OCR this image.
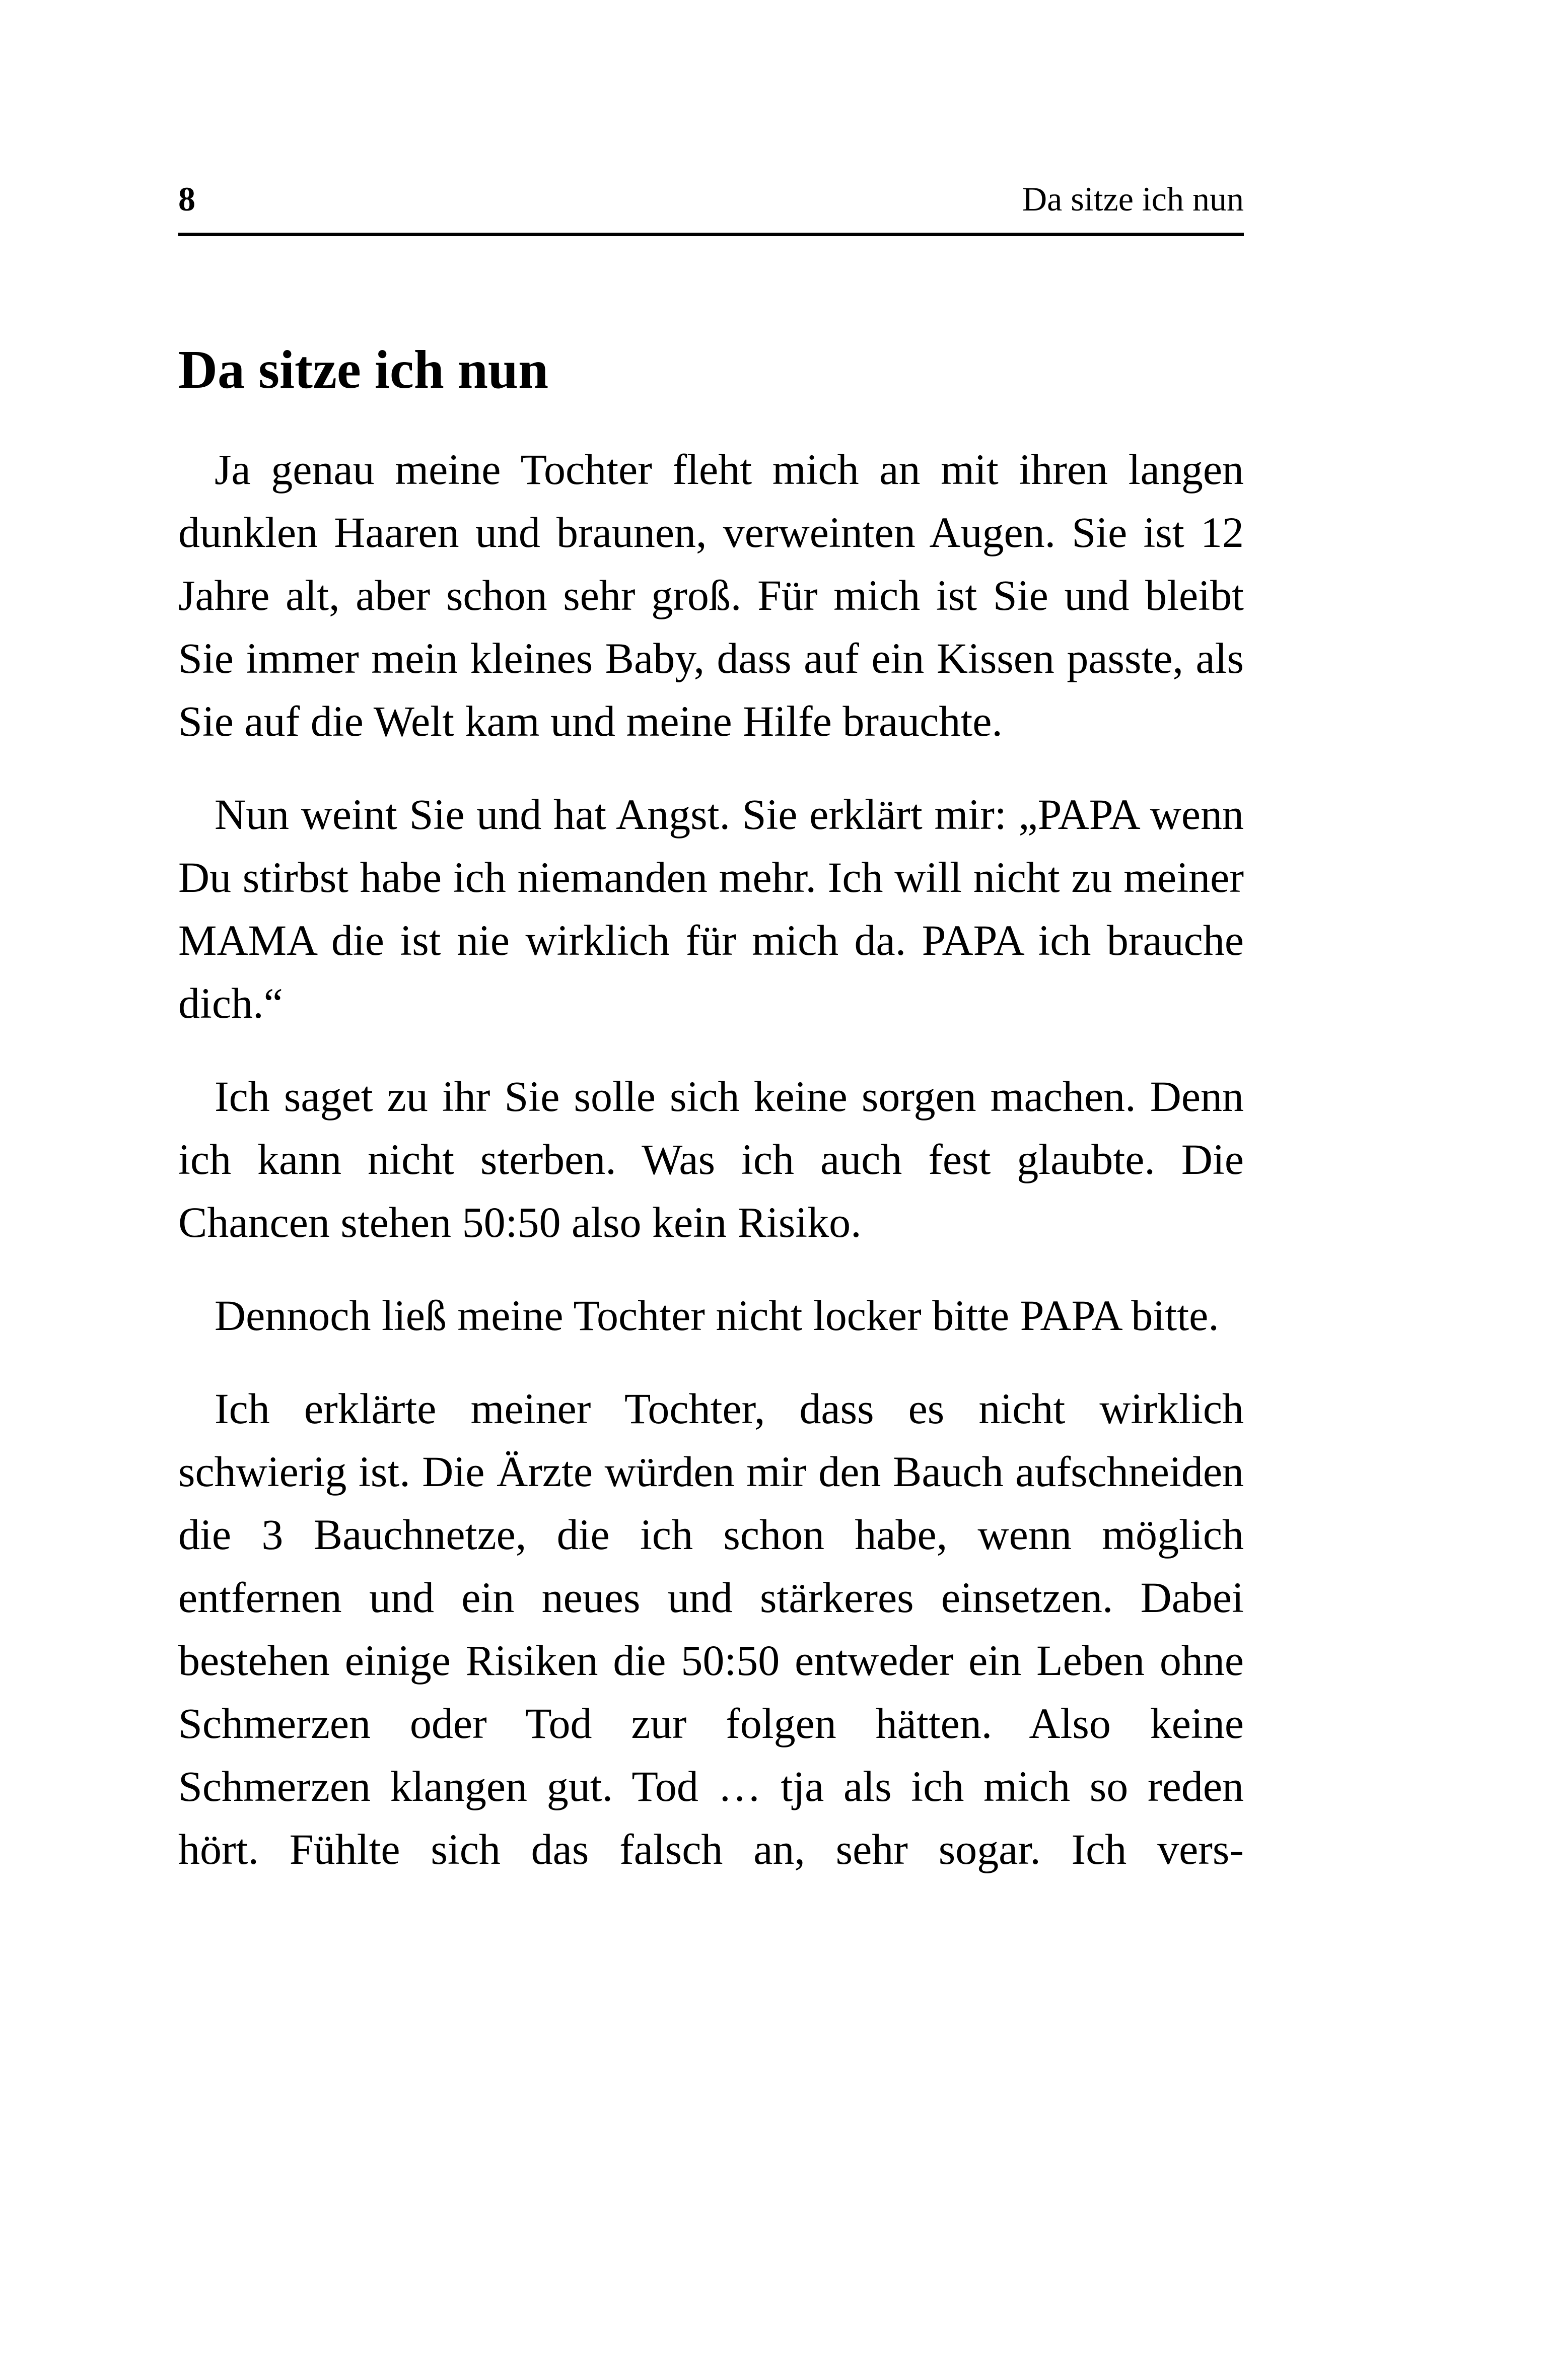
8	Da sitze ich nun
Da sitze ich nun

Ja genau meine Tochter fleht mich an mit ihren langen dunklen Haaren und braunen, verweinten Augen. Sie ist 12 Jahre alt, aber schon sehr groß. Für mich ist Sie und bleibt Sie immer mein kleines Baby, dass auf ein Kissen passte, als Sie auf die Welt kam und meine Hilfe brauchte.

Nun weint Sie und hat Angst. Sie erklärt mir: „PAPA wenn Du stirbst habe ich niemanden mehr. Ich will nicht zu meiner MAMA die ist nie wirklich für mich da. PAPA ich brauche dich.“

Ich saget zu ihr Sie solle sich keine sorgen machen. Denn ich kann nicht sterben. Was ich auch fest glaubte. Die Chancen stehen 50:50 also kein Risiko.

Dennoch ließ meine Tochter nicht locker bitte PAPA bitte.

Ich erklärte meiner Tochter, dass es nicht wirklich schwierig ist. Die Ärzte würden mir den Bauch aufschneiden die 3 Bauchnetze, die ich schon habe, wenn möglich entfernen und ein neues und stärkeres einsetzen. Dabei bestehen einige Risiken die 50:50 entweder ein Leben ohne Schmerzen oder Tod zur folgen hätten. Also keine Schmerzen klangen gut. Tod … tja als ich mich so reden hört. Fühlte sich das falsch an, sehr sogar. Ich vers-
